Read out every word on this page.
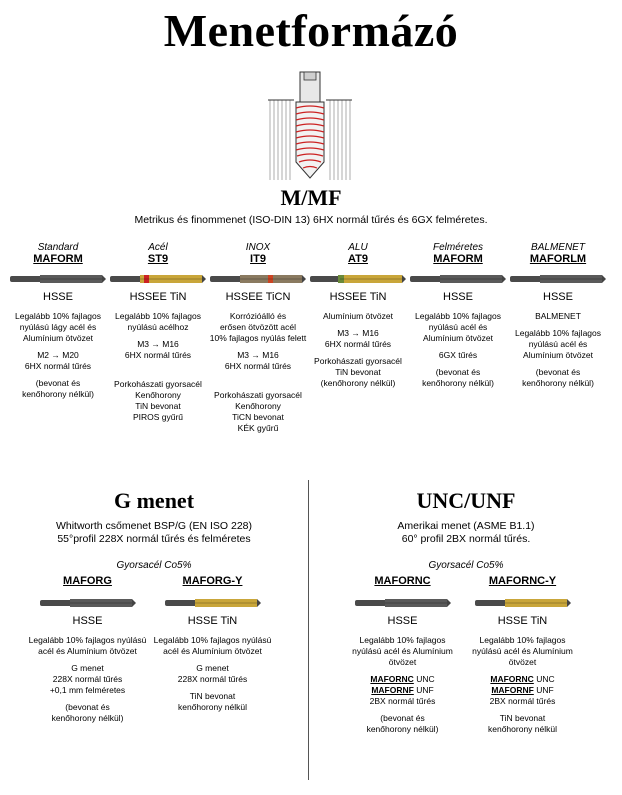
Menetformázó
M/MF
Metrikus és finommenet (ISO-DIN 13) 6HX normál tűrés és 6GX felméretes.
Standard
MAFORM
HSSE
Legalább 10% fajlagos
nyúlású lágy acél és
Alumínium ötvözet
M2 → M20
6HX normál tűrés
(bevonat és
kenőhorony nélkül)
Acél
ST9
HSSEE TiN
Legalább 10% fajlagos
nyúlású acélhoz
M3 → M16
6HX normál tűrés
Porkohászati gyorsacél
Kenőhorony
TiN bevonat
PIROS gyűrű
INOX
IT9
HSSEE TiCN
Korrózióálló és
erősen ötvözött acél
10% fajlagos nyúlás felett
M3 → M16
6HX normál tűrés
Porkohászati gyorsacél
Kenőhorony
TiCN bevonat
KÉK gyűrű
ALU
AT9
HSSEE TiN
Alumínium ötvözet
M3 → M16
6HX normál tűrés
Porkohászati gyorsacél
TiN bevonat
(kenőhorony nélkül)
Felméretes
MAFORM
HSSE
Legalább 10% fajlagos
nyúlású acél és
Alumínium ötvözet
6GX tűrés
(bevonat és
kenőhorony nélkül)
BALMENET
MAFORLM
HSSE
BALMENET
Legalább 10% fajlagos
nyúlású acél és
Alumínium ötvözet
(bevonat és
kenőhorony nélkül)
G menet
Whitworth csőmenet BSP/G (EN ISO 228)
55°profil 228X normál tűrés és felméretes
Gyorsacél Co5%
UNC/UNF
Amerikai menet (ASME B1.1)
60° profil 2BX normál tűrés.
Gyorsacél Co5%
MAFORG
HSSE
Legalább 10% fajlagos nyúlású
acél és Alumínium ötvözet
G menet
228X normál tűrés
+0,1 mm felméretes
(bevonat és
kenőhorony nélkül)
MAFORG-Y
HSSE TiN
Legalább 10% fajlagos nyúlású
acél és Alumínium ötvözet
G menet
228X normál tűrés
TiN bevonat
kenőhorony nélkül
MAFORNC
HSSE
Legalább 10% fajlagos
nyúlású acél és Alumínium
ötvözet
MAFORNC UNC
MAFORNF UNF
2BX normál tűrés
(bevonat és
kenőhorony nélkül)
MAFORNC-Y
HSSE TiN
Legalább 10% fajlagos
nyúlású acél és Alumínium
ötvözet
MAFORNC UNC
MAFORNF UNF
2BX normál tűrés
TiN bevonat
kenőhorony nélkül
